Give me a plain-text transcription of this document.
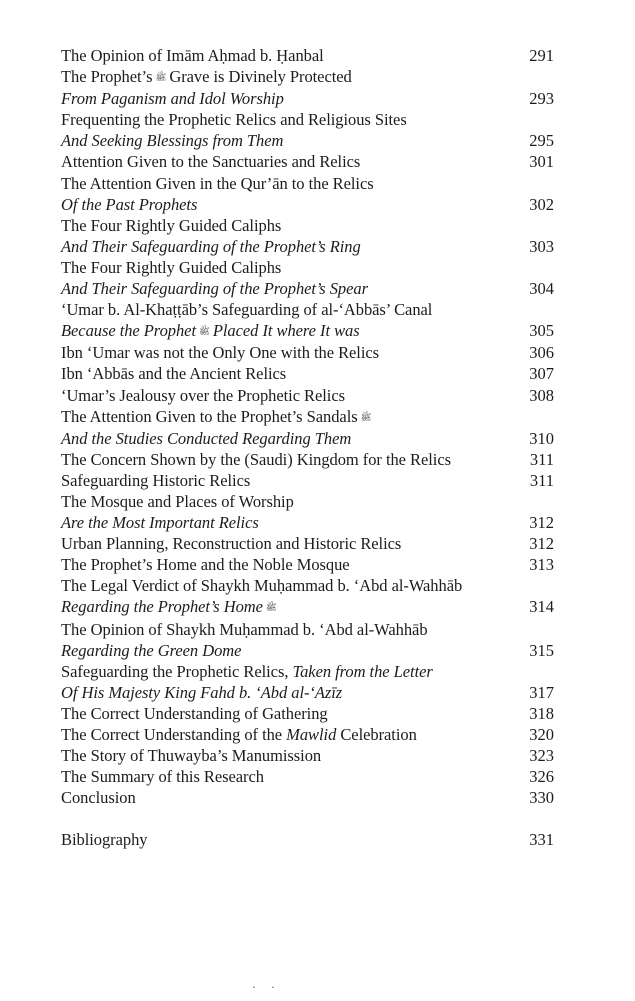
The Opinion of Imām Aḥmad b. Ḥanbal	291
The Prophet’s ﷺ Grave is Divinely Protected
From Paganism and Idol Worship	293
Frequenting the Prophetic Relics and Religious Sites
And Seeking Blessings from Them	295
Attention Given to the Sanctuaries and Relics	301
The Attention Given in the Qur’ān to the Relics
Of the Past Prophets	302
The Four Rightly Guided Caliphs
And Their Safeguarding of the Prophet’s Ring	303
The Four Rightly Guided Caliphs
And Their Safeguarding of the Prophet’s Spear	304
‘Umar b. Al-Khaṭṭāb’s Safeguarding of al-‘Abbās’ Canal
Because the Prophet ﷺ Placed It where It was	305
Ibn ‘Umar was not the Only One with the Relics	306
Ibn ‘Abbās and the Ancient Relics	307
‘Umar’s Jealousy over the Prophetic Relics	308
The Attention Given to the Prophet’s Sandals ﷺ
And the Studies Conducted Regarding Them	310
The Concern Shown by the (Saudi) Kingdom for the Relics	311
Safeguarding Historic Relics	311
The Mosque and Places of Worship
Are the Most Important Relics	312
Urban Planning, Reconstruction and Historic Relics	312
The Prophet’s Home and the Noble Mosque	313
The Legal Verdict of Shaykh Muḥammad b. ‘Abd al-Wahhāb
Regarding the Prophet’s Home ﷺ	314
The Opinion of Shaykh Muḥammad b. ‘Abd al-Wahhāb
Regarding the Green Dome	315
Safeguarding the Prophetic Relics, Taken from the Letter
Of His Majesty King Fahd b. ‘Abd al-‘Azīz	317
The Correct Understanding of Gathering	318
The Correct Understanding of the Mawlid Celebration	320
The Story of Thuwayba’s Manumission	323
The Summary of this Research	326
Conclusion	330
Bibliography	331
· ·
